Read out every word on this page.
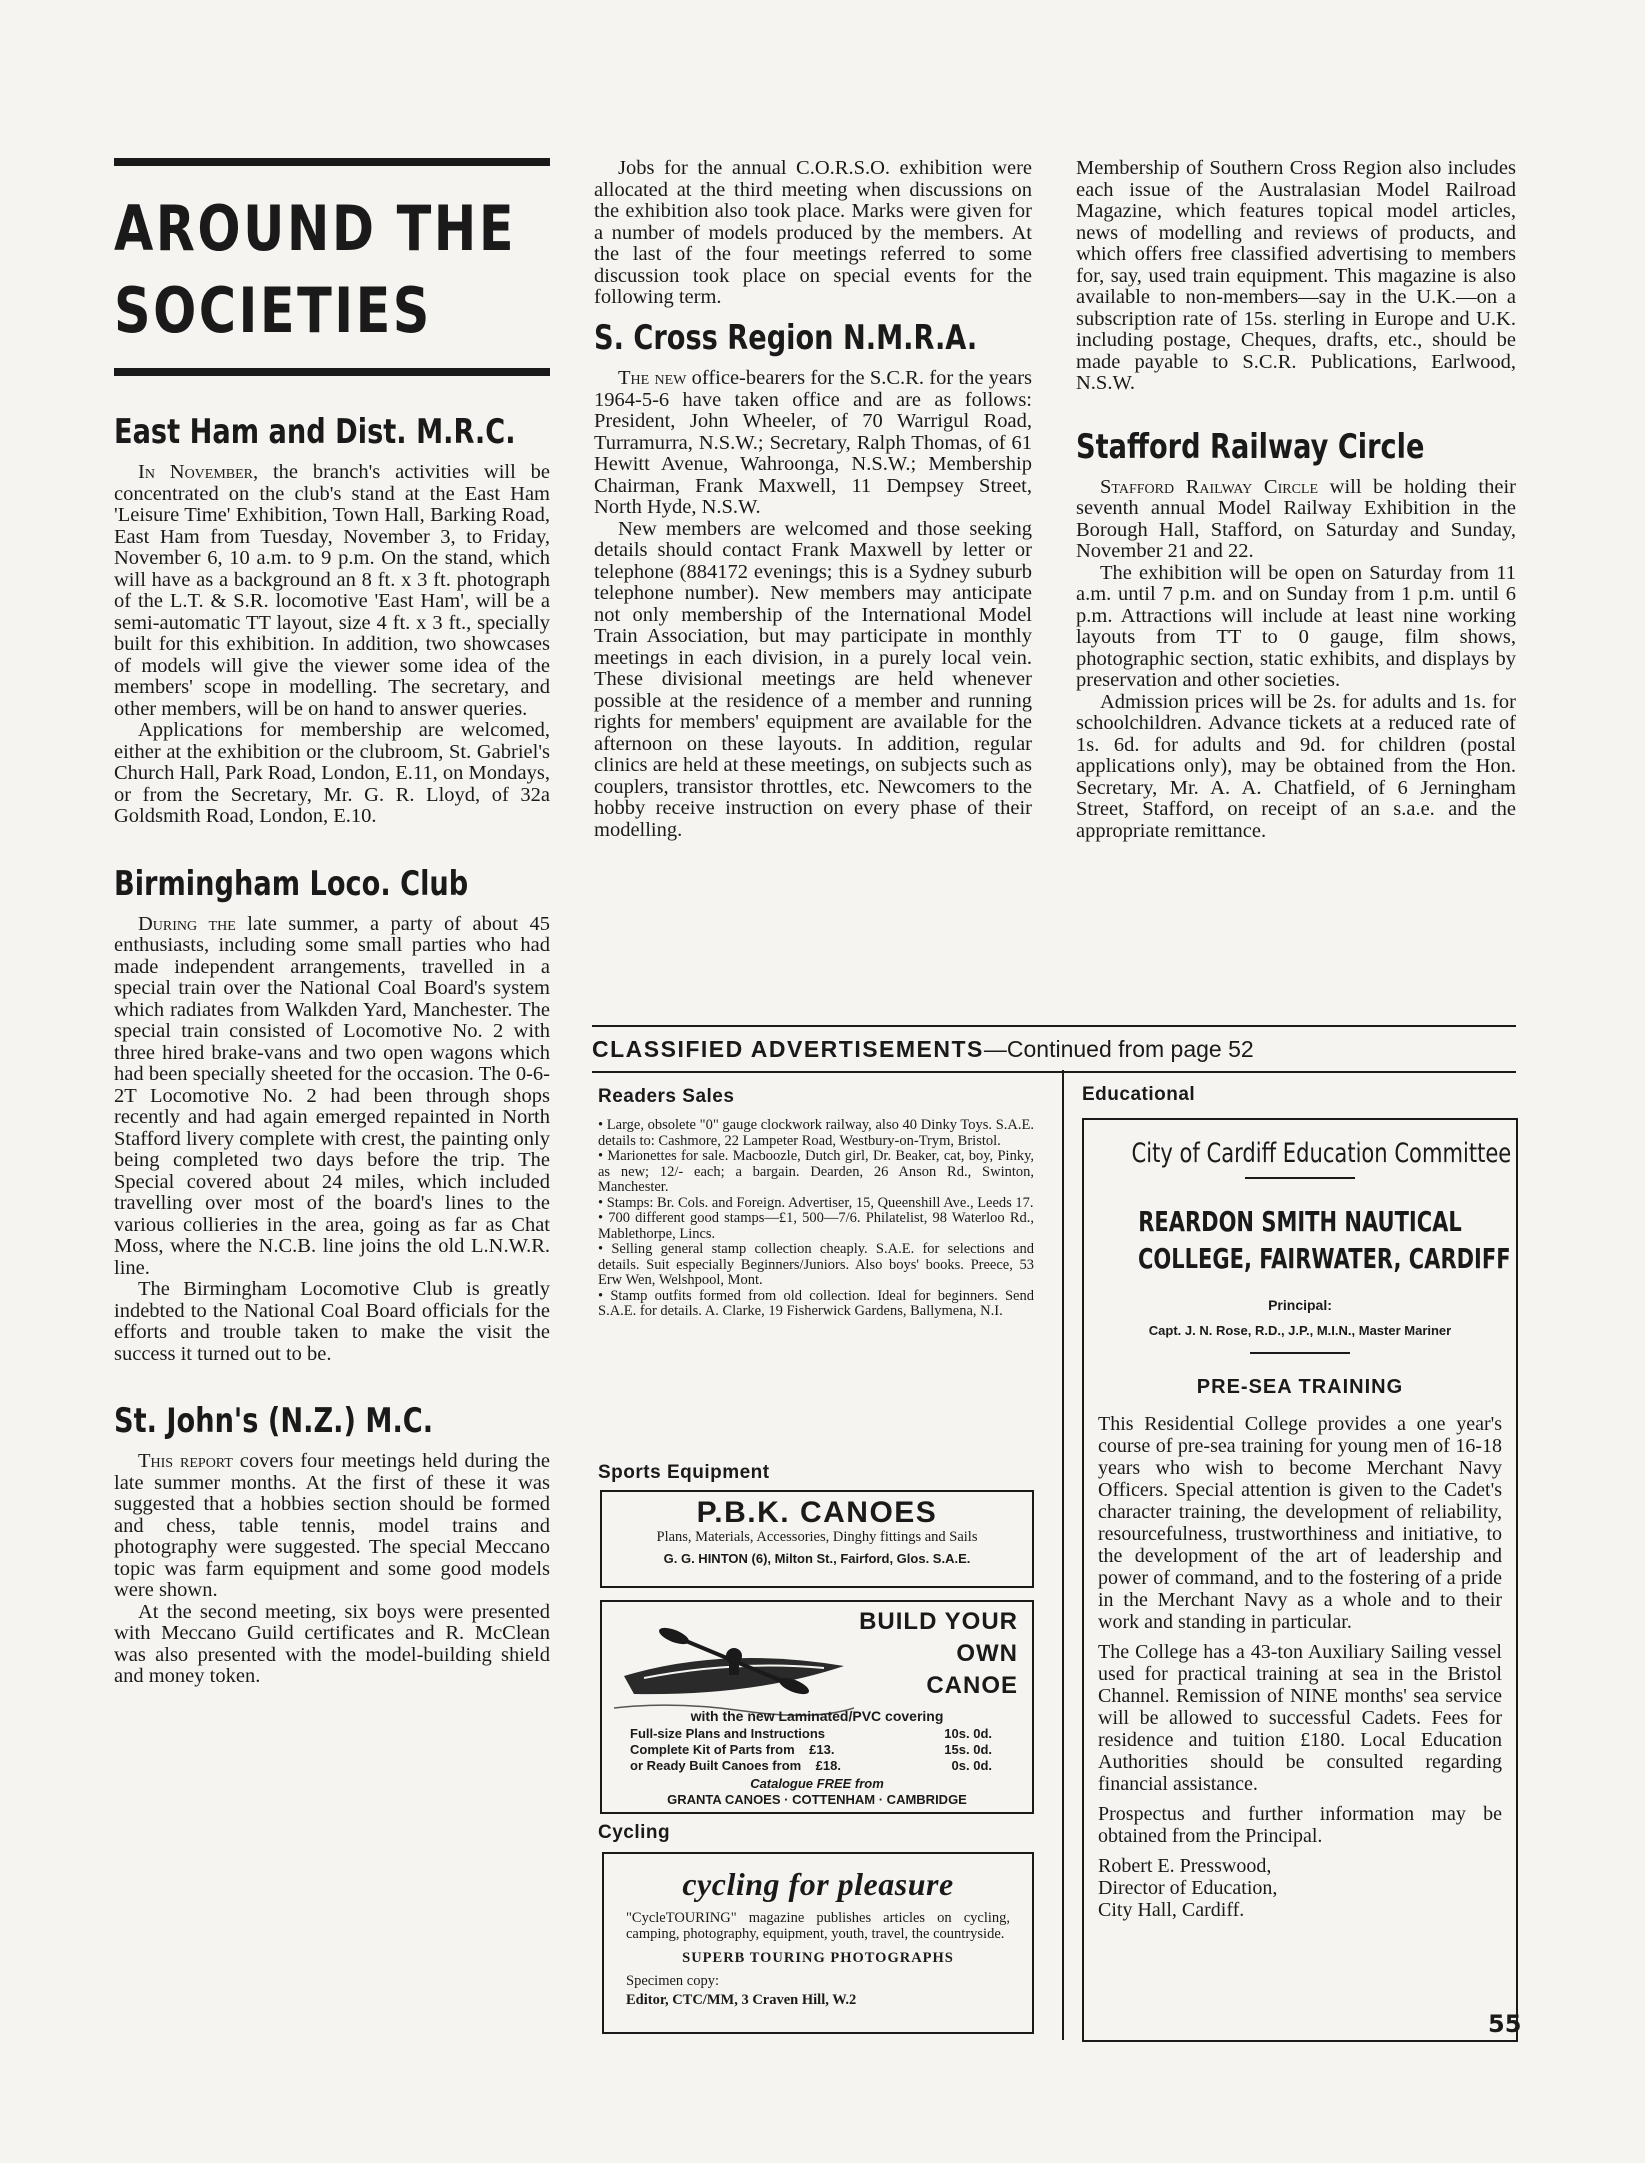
AROUND THE
SOCIETIES
East Ham and Dist. M.R.C.

In November, the branch's activities will be concentrated on the club's stand at the East Ham 'Leisure Time' Exhibition, Town Hall, Barking Road, East Ham from Tuesday, November 3, to Friday, November 6, 10 a.m. to 9 p.m. On the stand, which will have as a background an 8 ft. x 3 ft. photograph of the L.T. & S.R. locomotive 'East Ham', will be a semi-automatic TT layout, size 4 ft. x 3 ft., specially built for this exhibition. In addition, two showcases of models will give the viewer some idea of the members' scope in modelling. The secretary, and other members, will be on hand to answer queries.

Applications for membership are welcomed, either at the exhibition or the clubroom, St. Gabriel's Church Hall, Park Road, London, E.11, on Mondays, or from the Secretary, Mr. G. R. Lloyd, of 32a Goldsmith Road, London, E.10.

Birmingham Loco. Club

During the late summer, a party of about 45 enthusiasts, including some small parties who had made independent arrangements, travelled in a special train over the National Coal Board's system which radiates from Walkden Yard, Manchester. The special train consisted of Locomotive No. 2 with three hired brake-vans and two open wagons which had been specially sheeted for the occasion. The 0-6-2T Locomotive No. 2 had been through shops recently and had again emerged repainted in North Stafford livery complete with crest, the painting only being completed two days before the trip. The Special covered about 24 miles, which included travelling over most of the board's lines to the various collieries in the area, going as far as Chat Moss, where the N.C.B. line joins the old L.N.W.R. line.

The Birmingham Locomotive Club is greatly indebted to the National Coal Board officials for the efforts and trouble taken to make the visit the success it turned out to be.

St. John's (N.Z.) M.C.

This report covers four meetings held during the late summer months. At the first of these it was suggested that a hobbies section should be formed and chess, table tennis, model trains and photography were suggested. The special Meccano topic was farm equipment and some good models were shown.

At the second meeting, six boys were presented with Meccano Guild certificates and R. McClean was also presented with the model-building shield and money token.

Jobs for the annual C.O.R.S.O. exhibition were allocated at the third meeting when discussions on the exhibition also took place. Marks were given for a number of models produced by the members. At the last of the four meetings referred to some discussion took place on special events for the following term.

S. Cross Region N.M.R.A.

The new office-bearers for the S.C.R. for the years 1964-5-6 have taken office and are as follows: President, John Wheeler, of 70 Warrigul Road, Turramurra, N.S.W.; Secretary, Ralph Thomas, of 61 Hewitt Avenue, Wahroonga, N.S.W.; Membership Chairman, Frank Maxwell, 11 Dempsey Street, North Hyde, N.S.W.

New members are welcomed and those seeking details should contact Frank Maxwell by letter or telephone (884172 evenings; this is a Sydney suburb telephone number). New members may anticipate not only membership of the International Model Train Association, but may participate in monthly meetings in each division, in a purely local vein. These divisional meetings are held whenever possible at the residence of a member and running rights for members' equipment are available for the afternoon on these layouts. In addition, regular clinics are held at these meetings, on subjects such as couplers, transistor throttles, etc. Newcomers to the hobby receive instruction on every phase of their modelling.

Membership of Southern Cross Region also includes each issue of the Australasian Model Railroad Magazine, which features topical model articles, news of modelling and reviews of products, and which offers free classified advertising to members for, say, used train equipment. This magazine is also available to non-members—say in the U.K.—on a subscription rate of 15s. sterling in Europe and U.K. including postage, Cheques, drafts, etc., should be made payable to S.C.R. Publications, Earlwood, N.S.W.

Stafford Railway Circle

Stafford Railway Circle will be holding their seventh annual Model Railway Exhibition in the Borough Hall, Stafford, on Saturday and Sunday, November 21 and 22.

The exhibition will be open on Saturday from 11 a.m. until 7 p.m. and on Sunday from 1 p.m. until 6 p.m. Attractions will include at least nine working layouts from TT to 0 gauge, film shows, photographic section, static exhibits, and displays by preservation and other societies.

Admission prices will be 2s. for adults and 1s. for schoolchildren. Advance tickets at a reduced rate of 1s. 6d. for adults and 9d. for children (postal applications only), may be obtained from the Hon. Secretary, Mr. A. A. Chatfield, of 6 Jerningham Street, Stafford, on receipt of an s.a.e. and the appropriate remittance.

CLASSIFIED ADVERTISEMENTS —Continued from page 52
Readers Sales

• Large, obsolete "0" gauge clockwork railway, also 40 Dinky Toys. S.A.E. details to: Cashmore, 22 Lampeter Road, Westbury-on-Trym, Bristol.

• Marionettes for sale. Macboozle, Dutch girl, Dr. Beaker, cat, boy, Pinky, as new; 12/- each; a bargain. Dearden, 26 Anson Rd., Swinton, Manchester.

• Stamps: Br. Cols. and Foreign. Advertiser, 15, Queenshill Ave., Leeds 17.

• 700 different good stamps—£1, 500—7/6. Philatelist, 98 Waterloo Rd., Mablethorpe, Lincs.

• Selling general stamp collection cheaply. S.A.E. for selections and details. Suit especially Beginners/Juniors. Also boys' books. Preece, 53 Erw Wen, Welshpool, Mont.

• Stamp outfits formed from old collection. Ideal for beginners. Send S.A.E. for details. A. Clarke, 19 Fisherwick Gardens, Ballymena, N.I.

Sports Equipment
P.B.K. CANOES
Plans, Materials, Accessories, Dinghy fittings and Sails
G. G. HINTON (6), Milton St., Fairford, Glos. S.A.E.
BUILD YOUR
OWN
CANOE
with the new Laminated/PVC covering
Full-size Plans and Instructions	10s. 0d.
Complete Kit of Parts from    £13.	15s. 0d.
or Ready Built Canoes from    £18.	0s. 0d.
Catalogue FREE from
GRANTA CANOES · COTTENHAM · CAMBRIDGE
Cycling
cycling for pleasure
"CycleTOURING" magazine publishes articles on cycling, camping, photography, equipment, youth, travel, the countryside.
SUPERB TOURING PHOTOGRAPHS
Specimen copy:
Editor, CTC/MM, 3 Craven Hill, W.2
Educational
City of Cardiff Education Committee
REARDON SMITH NAUTICAL
COLLEGE, FAIRWATER, CARDIFF
Principal:
Capt. J. N. Rose, R.D., J.P., M.I.N., Master Mariner
PRE-SEA TRAINING

This Residential College provides a one year's course of pre-sea training for young men of 16-18 years who wish to become Merchant Navy Officers. Special attention is given to the Cadet's character training, the development of reliability, resourcefulness, trustworthiness and initiative, to the development of the art of leadership and power of command, and to the fostering of a pride in the Merchant Navy as a whole and to their work and standing in particular.

The College has a 43-ton Auxiliary Sailing vessel used for practical training at sea in the Bristol Channel. Remission of NINE months' sea service will be allowed to successful Cadets. Fees for residence and tuition £180. Local Education Authorities should be consulted regarding financial assistance.

Prospectus and further information may be obtained from the Principal.

Robert E. Presswood,
Director of Education,
City Hall, Cardiff.
55
